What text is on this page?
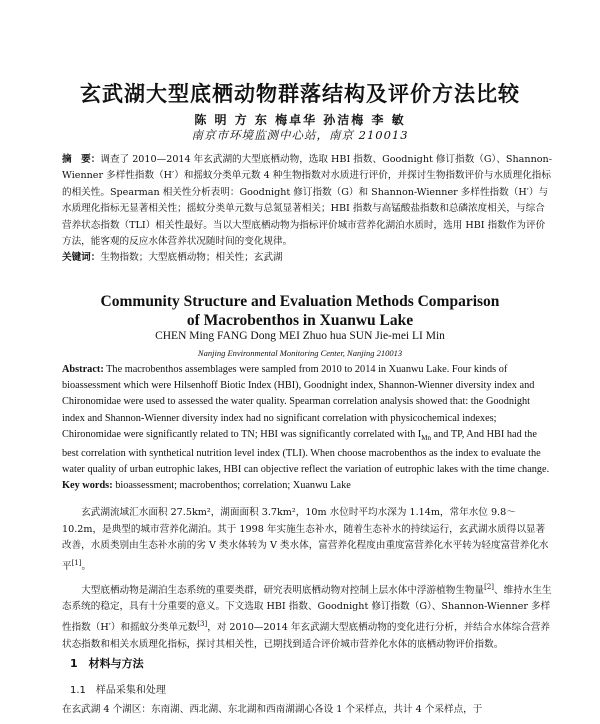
玄武湖大型底栖动物群落结构及评价方法比较
陈 明 方 东 梅卓华 孙洁梅 李 敏
南京市环境监测中心站，南京 210013
摘　要：调查了 2010—2014 年玄武湖的大型底栖动物，选取 HBI 指数、Goodnight 修订指数（G）、Shannon-Wienner 多样性指数（H′）和摇蚊分类单元数 4 种生物指数对水质进行评价，并探讨生物指数评价与水质理化指标的相关性。Spearman 相关性分析表明：Goodnight 修订指数（G）和 Shannon-Wienner 多样性指数（H′）与水质理化指标无显著相关性；摇蚊分类单元数与总氮显著相关；HBI 指数与高锰酸盐指数和总磷浓度相关，与综合营养状态指数（TLI）相关性最好。当以大型底栖动物为指标评价城市营养化湖泊水质时，选用 HBI 指数作为评价方法，能客观的反应水体营养状况随时间的变化规律。
关键词：生物指数；大型底栖动物；相关性；玄武湖
Community Structure and Evaluation Methods Comparison
of Macrobenthos in Xuanwu Lake
CHEN Ming FANG Dong MEI Zhuo hua SUN Jie-mei LI Min
Nanjing Environmental Monitoring Center, Nanjing 210013
Abstract: The macrobenthos assemblages were sampled from 2010 to 2014 in Xuanwu Lake. Four kinds of bioassessment which were Hilsenhoff Biotic Index (HBI), Goodnight index, Shannon-Wienner diversity index and Chironomidae were used to assessed the water quality. Spearman correlation analysis showed that: the Goodnight index and Shannon-Wienner diversity index had no significant correlation with physicochemical indexes; Chironomidae were significantly related to TN; HBI was significantly correlated with $I_{Mn}$ and TP, And HBI had the best correlation with synthetical nutrition level index (TLI). When choose macrobenthos as the index to evaluate the water quality of urban eutrophic lakes, HBI can objective reflect the variation of eutrophic lakes with the time change.
Key words: bioassessment; macrobenthos; correlation; Xuanwu Lake

玄武湖流域汇水面积 27.5km²，湖面面积 3.7km²，10m 水位时平均水深为 1.14m，常年水位 9.8～10.2m，是典型的城市营养化湖泊。其于 1998 年实施生态补水，随着生态补水的持续运行，玄武湖水质得以显著改善，水质类别由生态补水前的劣 V 类水体转为 V 类水体，富营养化程度由重度富营养化水平转为轻度富营养化水平[1]。

大型底栖动物是湖泊生态系统的重要类群，研究表明底栖动物对控制上层水体中浮游植物生物量[2]、维持水生生态系统的稳定，具有十分重要的意义。下文选取 HBI 指数、Goodnight 修订指数（G）、Shannon-Wienner 多样性指数（H′）和摇蚊分类单元数[3]，对 2010—2014 年玄武湖大型底栖动物的变化进行分析，并结合水体综合营养状态指数和相关水质理化指标，探讨其相关性，已期找到适合评价城市营养化水体的底栖动物评价指数。

1　材料与方法
1.1　样品采集和处理
在玄武湖 4 个湖区：东南湖、西北湖、东北湖和西南湖湖心各设 1 个采样点，共计 4 个采样点，于
